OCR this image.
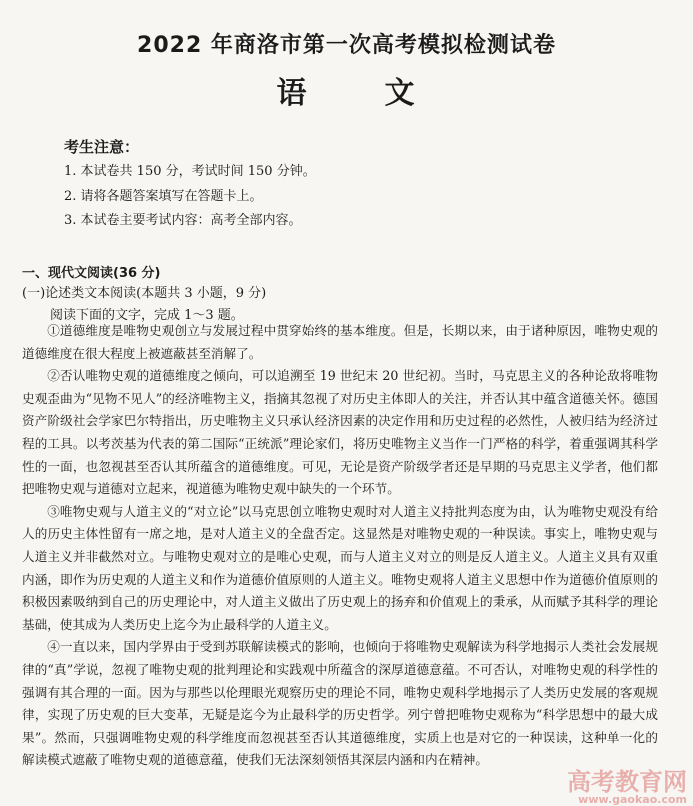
2022 年商洛市第一次高考模拟检测试卷
语	文
考生注意：
1. 本试卷共 150 分，考试时间 150 分钟。
2. 请将各题答案填写在答题卡上。
3. 本试卷主要考试内容：高考全部内容。
一、现代文阅读(36 分)
(一)论述类文本阅读(本题共 3 小题，9 分)
阅读下面的文字，完成 1～3 题。

①道德维度是唯物史观创立与发展过程中贯穿始终的基本维度。但是，长期以来，由于诸种原因，唯物史观的道德维度在很大程度上被遮蔽甚至消解了。

②否认唯物史观的道德维度之倾向，可以追溯至 19 世纪末 20 世纪初。当时，马克思主义的各种论敌将唯物史观歪曲为“见物不见人”的经济唯物主义，指摘其忽视了对历史主体即人的关注，并否认其中蕴含道德关怀。德国资产阶级社会学家巴尔特指出，历史唯物主义只承认经济因素的决定作用和历史过程的必然性，人被归结为经济过程的工具。以考茨基为代表的第二国际“正统派”理论家们，将历史唯物主义当作一门严格的科学，着重强调其科学性的一面，也忽视甚至否认其所蕴含的道德维度。可见，无论是资产阶级学者还是早期的马克思主义学者，他们都把唯物史观与道德对立起来，视道德为唯物史观中缺失的一个环节。

③唯物史观与人道主义的“对立论”以马克思创立唯物史观时对人道主义持批判态度为由，认为唯物史观没有给人的历史主体性留有一席之地，是对人道主义的全盘否定。这显然是对唯物史观的一种误读。事实上，唯物史观与人道主义并非截然对立。与唯物史观对立的是唯心史观，而与人道主义对立的则是反人道主义。人道主义具有双重内涵，即作为历史观的人道主义和作为道德价值原则的人道主义。唯物史观将人道主义思想中作为道德价值原则的积极因素吸纳到自己的历史理论中，对人道主义做出了历史观上的扬弃和价值观上的秉承，从而赋予其科学的理论基础，使其成为人类历史上迄今为止最科学的人道主义。

④一直以来，国内学界由于受到苏联解读模式的影响，也倾向于将唯物史观解读为科学地揭示人类社会发展规律的“真”学说，忽视了唯物史观的批判理论和实践观中所蕴含的深厚道德意蕴。不可否认，对唯物史观的科学性的强调有其合理的一面。因为与那些以伦理眼光观察历史的理论不同，唯物史观科学地揭示了人类历史发展的客观规律，实现了历史观的巨大变革，无疑是迄今为止最科学的历史哲学。列宁曾把唯物史观称为“科学思想中的最大成果”。然而，只强调唯物史观的科学维度而忽视甚至否认其道德维度，实质上也是对它的一种误读，这种单一化的解读模式遮蔽了唯物史观的道德意蕴，使我们无法深刻领悟其深层内涵和内在精神。

高考教育网
www.gaokao.com
